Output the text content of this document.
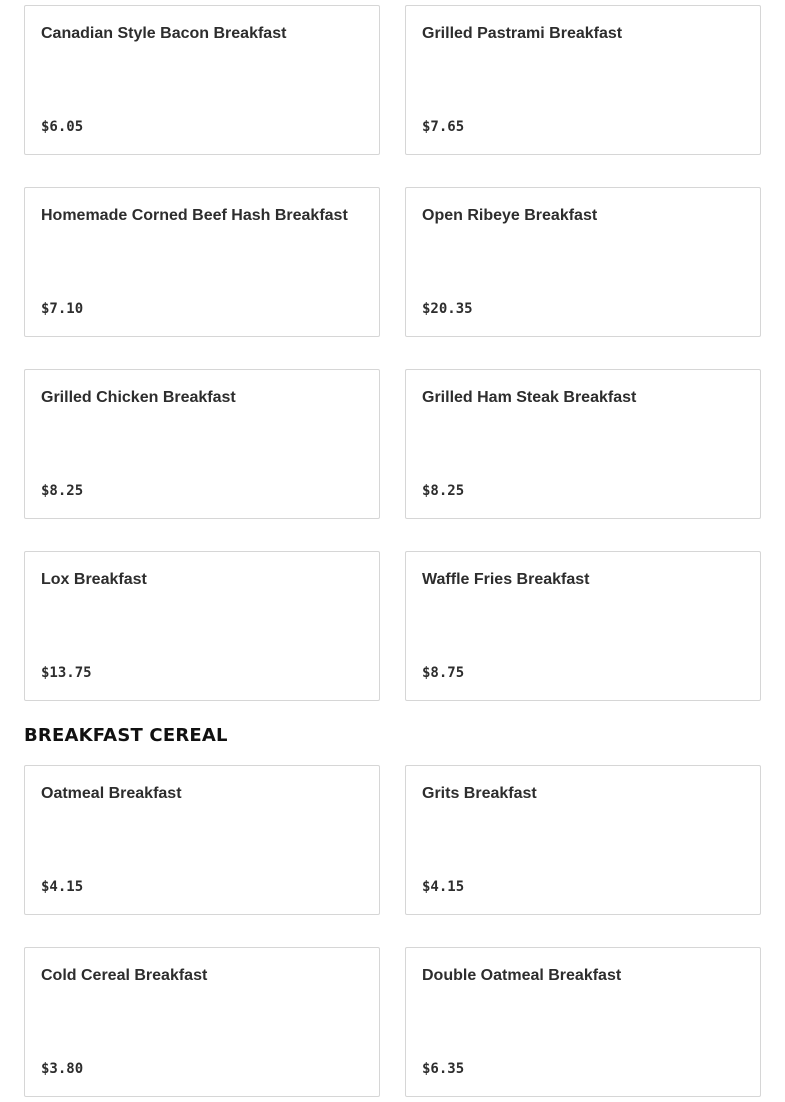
Canadian Style Bacon Breakfast
$6.05
Grilled Pastrami Breakfast
$7.65
Homemade Corned Beef Hash Breakfast
$7.10
Open Ribeye Breakfast
$20.35
Grilled Chicken Breakfast
$8.25
Grilled Ham Steak Breakfast
$8.25
Lox Breakfast
$13.75
Waffle Fries Breakfast
$8.75
BREAKFAST CEREAL
Oatmeal Breakfast
$4.15
Grits Breakfast
$4.15
Cold Cereal Breakfast
$3.80
Double Oatmeal Breakfast
$6.35
